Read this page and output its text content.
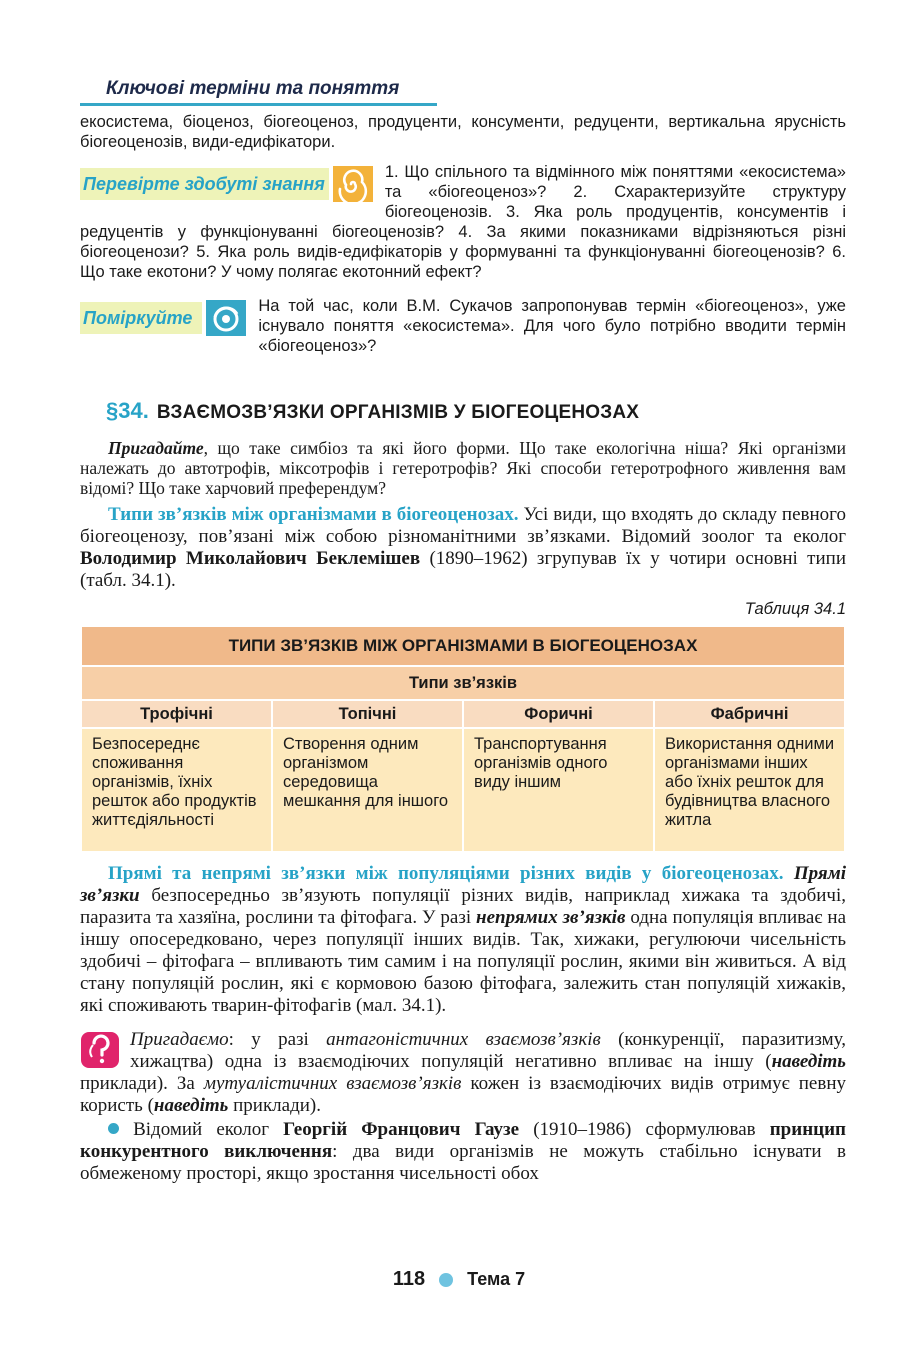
Ключові терміни та поняття
екосистема, біоценоз, біогеоценоз, продуценти, консументи, редуценти, вертикальна ярусність біогеоценозів, види-едифікатори.
Перевірте здобуті знання
1. Що спільного та відмінного між поняттями «екосистема» та «біогеоценоз»? 2. Схарактеризуйте структуру біогеоценозів. 3. Яка роль продуцентів, консументів і редуцентів у функціонуванні біогеоценозів? 4. За якими показниками відрізняються різні біогеоценози? 5. Яка роль видів-едифікаторів у формуванні та функціонуванні біогеоценозів? 6. Що таке екотони? У чому полягає екотонний ефект?
Поміркуйте
На той час, коли В.М. Сукачов запропонував термін «біогеоценоз», уже існувало поняття «екосистема». Для чого було потрібно вводити термін «біогеоценоз»?
§34. ВЗАЄМОЗВ’ЯЗКИ ОРГАНІЗМІВ У БІОГЕОЦЕНОЗАХ
Пригадайте, що таке симбіоз та які його форми. Що таке екологічна ніша? Які організми належать до автотрофів, міксотрофів і гетеротрофів? Які способи гетеротрофного живлення вам відомі? Що таке харчовий преферендум?
Типи зв’язків між організмами в біогеоценозах. Усі види, що входять до складу певного біогеоценозу, пов’язані між собою різноманітними зв’язками. Відомий зоолог та еколог Володимир Миколайович Беклемішев (1890–1962) згрупував їх у чотири основні типи (табл. 34.1).
Таблиця 34.1
ТИПИ ЗВ’ЯЗКІВ МІЖ ОРГАНІЗМАМИ В БІОГЕОЦЕНОЗАХ			
Типи зв’язків			
Трофічні	Топічні	Форичні	Фабричні
Безпосереднє споживання організмів, їхніх решток або продуктів життєдіяльності	Створення одним організмом середовища мешкання для іншого	Транспортування організмів одного виду іншим	Використання одними організмами інших або їхніх решток для будівництва власного житла
Прямі та непрямі зв’язки між популяціями різних видів у біогеоценозах. Прямі зв’язки безпосередньо зв’язують популяції різних видів, наприклад хижака та здобичі, паразита та хазяїна, рослини та фітофага. У разі непрямих зв’язків одна популяція впливає на іншу опосередковано, через популяції інших видів. Так, хижаки, регулюючи чисельність здобичі – фітофага – впливають тим самим і на популяції рослин, якими він живиться. А від стану популяцій рослин, які є кормовою базою фітофага, залежить стан популяцій хижаків, які споживають тварин-фітофагів (мал. 34.1).
Пригадаємо: у разі антагоністичних взаємозв’язків (конкуренції, паразитизму, хижацтва) одна із взаємодіючих популяцій негативно впливає на іншу (наведіть приклади). За мутуалістичних взаємозв’язків кожен із взаємодіючих видів отримує певну користь (наведіть приклади).
Відомий еколог Георгій Францович Гаузе (1910–1986) сформулював принцип конкурентного виключення: два види організмів не можуть стабільно існувати в обмеженому просторі, якщо зростання чисельності обох
118 Тема 7
